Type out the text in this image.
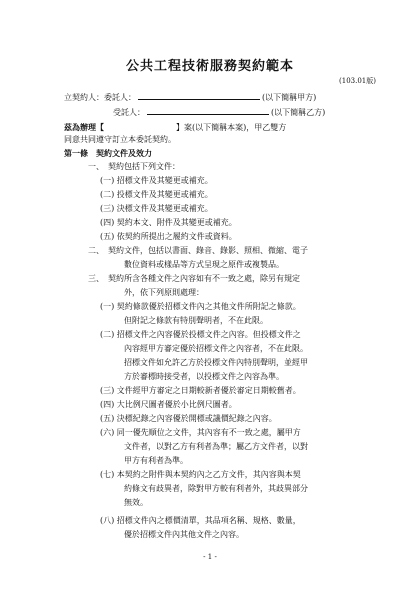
公共工程技術服務契約範本
(103.01版)
立契約人：委託人：	(以下簡稱甲方)
受託人：	(以下簡稱乙方)
茲為辦理【	】案(以下簡稱本案)，甲乙雙方
同意共同遵守訂立本委託契約。
第一條　契約文件及效力
一、　契約包括下列文件：
(一) 招標文件及其變更或補充。
(二) 投標文件及其變更或補充。
(三) 決標文件及其變更或補充。
(四) 契約本文、附件及其變更或補充。
(五) 依契約所提出之履約文件或資料。
二、　契約文件，包括以書面、錄音、錄影、照相、微縮、電子
數位資料或樣品等方式呈現之原件或複製品。
三、　契約所含各種文件之內容如有不一致之處，除另有規定
外，依下列原則處理：
(一) 契約條款優於招標文件內之其他文件所附記之條款。
但附記之條款有特別聲明者，不在此限。
(二) 招標文件之內容優於投標文件之內容。但投標文件之
內容經甲方審定優於招標文件之內容者，不在此限。
招標文件如允許乙方於投標文件內特別聲明，並經甲
方於審標時接受者，以投標文件之內容為準。
(三) 文件經甲方審定之日期較新者優於審定日期較舊者。
(四) 大比例尺圖者優於小比例尺圖者。
(五) 決標紀錄之內容優於開標或議價紀錄之內容。
(六) 同一優先順位之文件，其內容有不一致之處，屬甲方
文件者，以對乙方有利者為準；屬乙方文件者，以對
甲方有利者為準。
(七) 本契約之附件與本契約內之乙方文件，其內容與本契
約條文有歧異者，除對甲方較有利者外，其歧異部分
無效。
(八) 招標文件內之標價清單，其品項名稱、規格、數量，
優於招標文件內其他文件之內容。
- 1 -
